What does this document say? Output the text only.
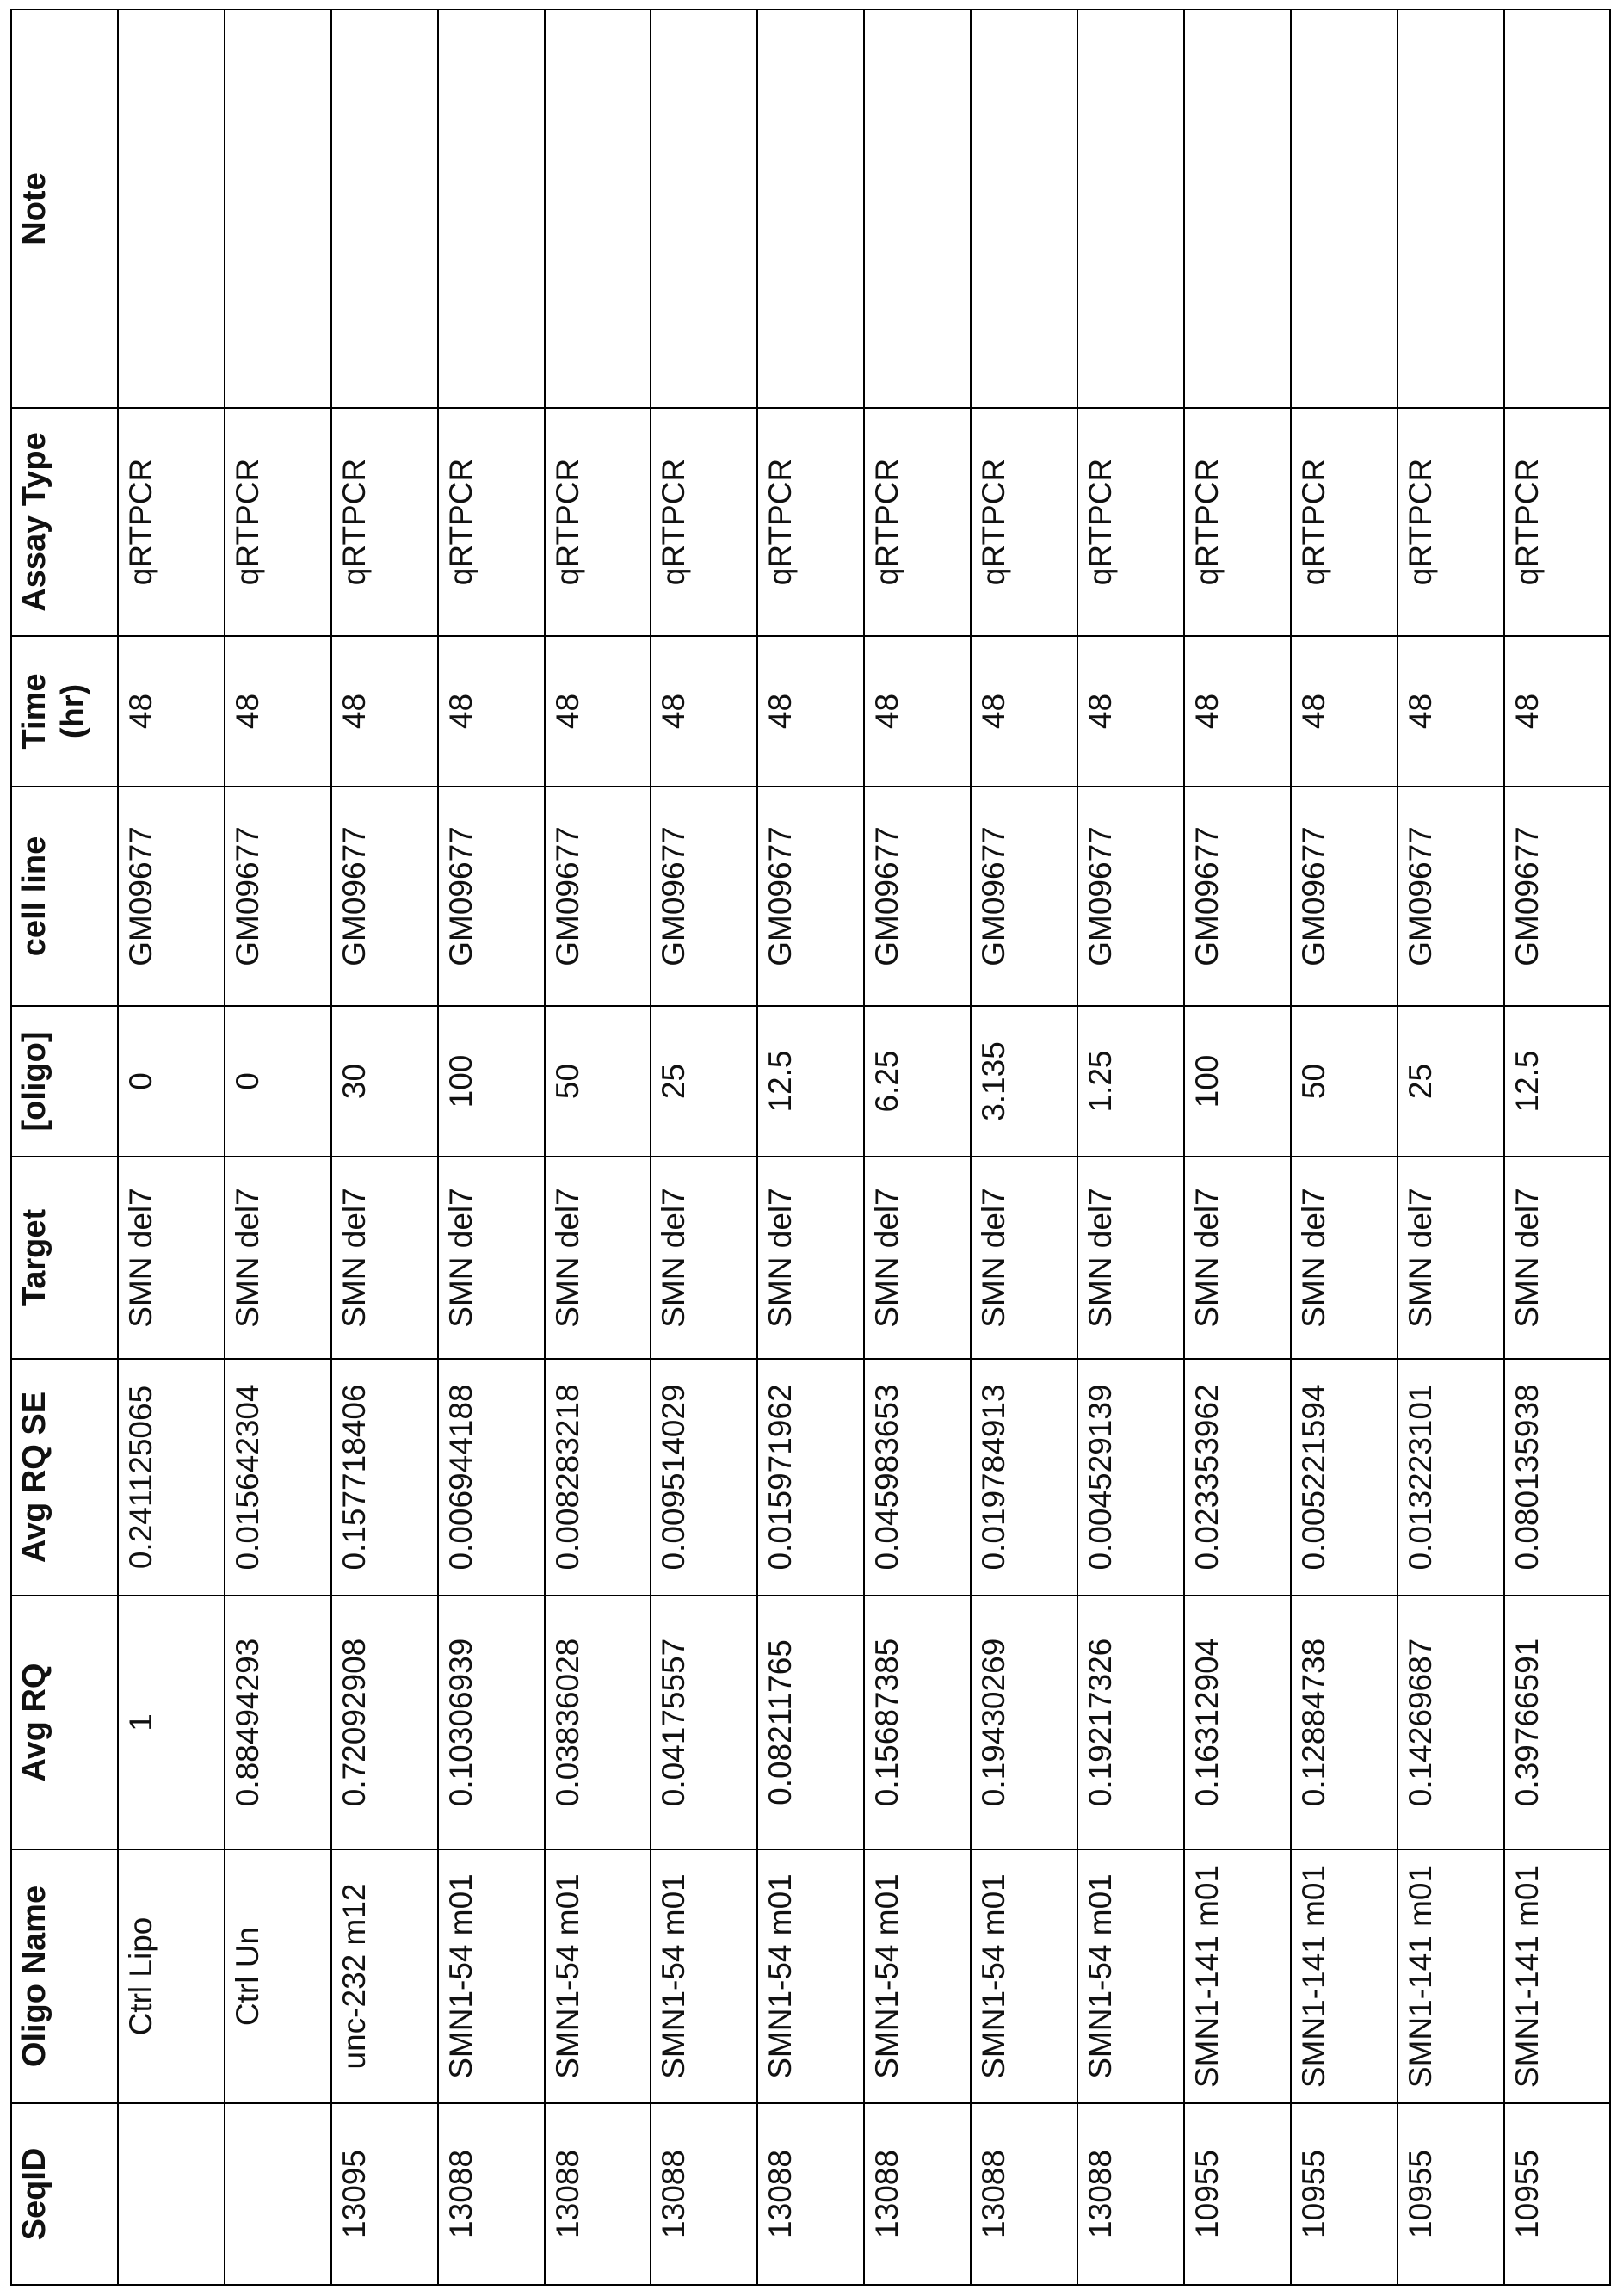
SeqID	Oligo Name	Avg RQ	Avg RQ SE	Target	[oligo]	cell line	Time (hr)	Assay Type	Note
	Ctrl Lipo	1	0.241125065	SMN del7	0	GM09677	48	qRTPCR	
	Ctrl Un	0.88494293	0.015642304	SMN del7	0	GM09677	48	qRTPCR	
13095	unc-232 m12	0.72092908	0.157718406	SMN del7	30	GM09677	48	qRTPCR	
13088	SMN1-54 m01	0.10306939	0.006944188	SMN del7	100	GM09677	48	qRTPCR	
13088	SMN1-54 m01	0.03836028	0.008283218	SMN del7	50	GM09677	48	qRTPCR	
13088	SMN1-54 m01	0.04175557	0.009514029	SMN del7	25	GM09677	48	qRTPCR	
13088	SMN1-54 m01	0.08211765	0.015971962	SMN del7	12.5	GM09677	48	qRTPCR	
13088	SMN1-54 m01	0.15687385	0.045983653	SMN del7	6.25	GM09677	48	qRTPCR	
13088	SMN1-54 m01	0.19430269	0.019784913	SMN del7	3.135	GM09677	48	qRTPCR	
13088	SMN1-54 m01	0.19217326	0.004529139	SMN del7	1.25	GM09677	48	qRTPCR	
10955	SMN1-141 m01	0.16312904	0.023353962	SMN del7	100	GM09677	48	qRTPCR	
10955	SMN1-141 m01	0.12884738	0.005221594	SMN del7	50	GM09677	48	qRTPCR	
10955	SMN1-141 m01	0.14269687	0.013223101	SMN del7	25	GM09677	48	qRTPCR	
10955	SMN1-141 m01	0.39766591	0.080135938	SMN del7	12.5	GM09677	48	qRTPCR	
